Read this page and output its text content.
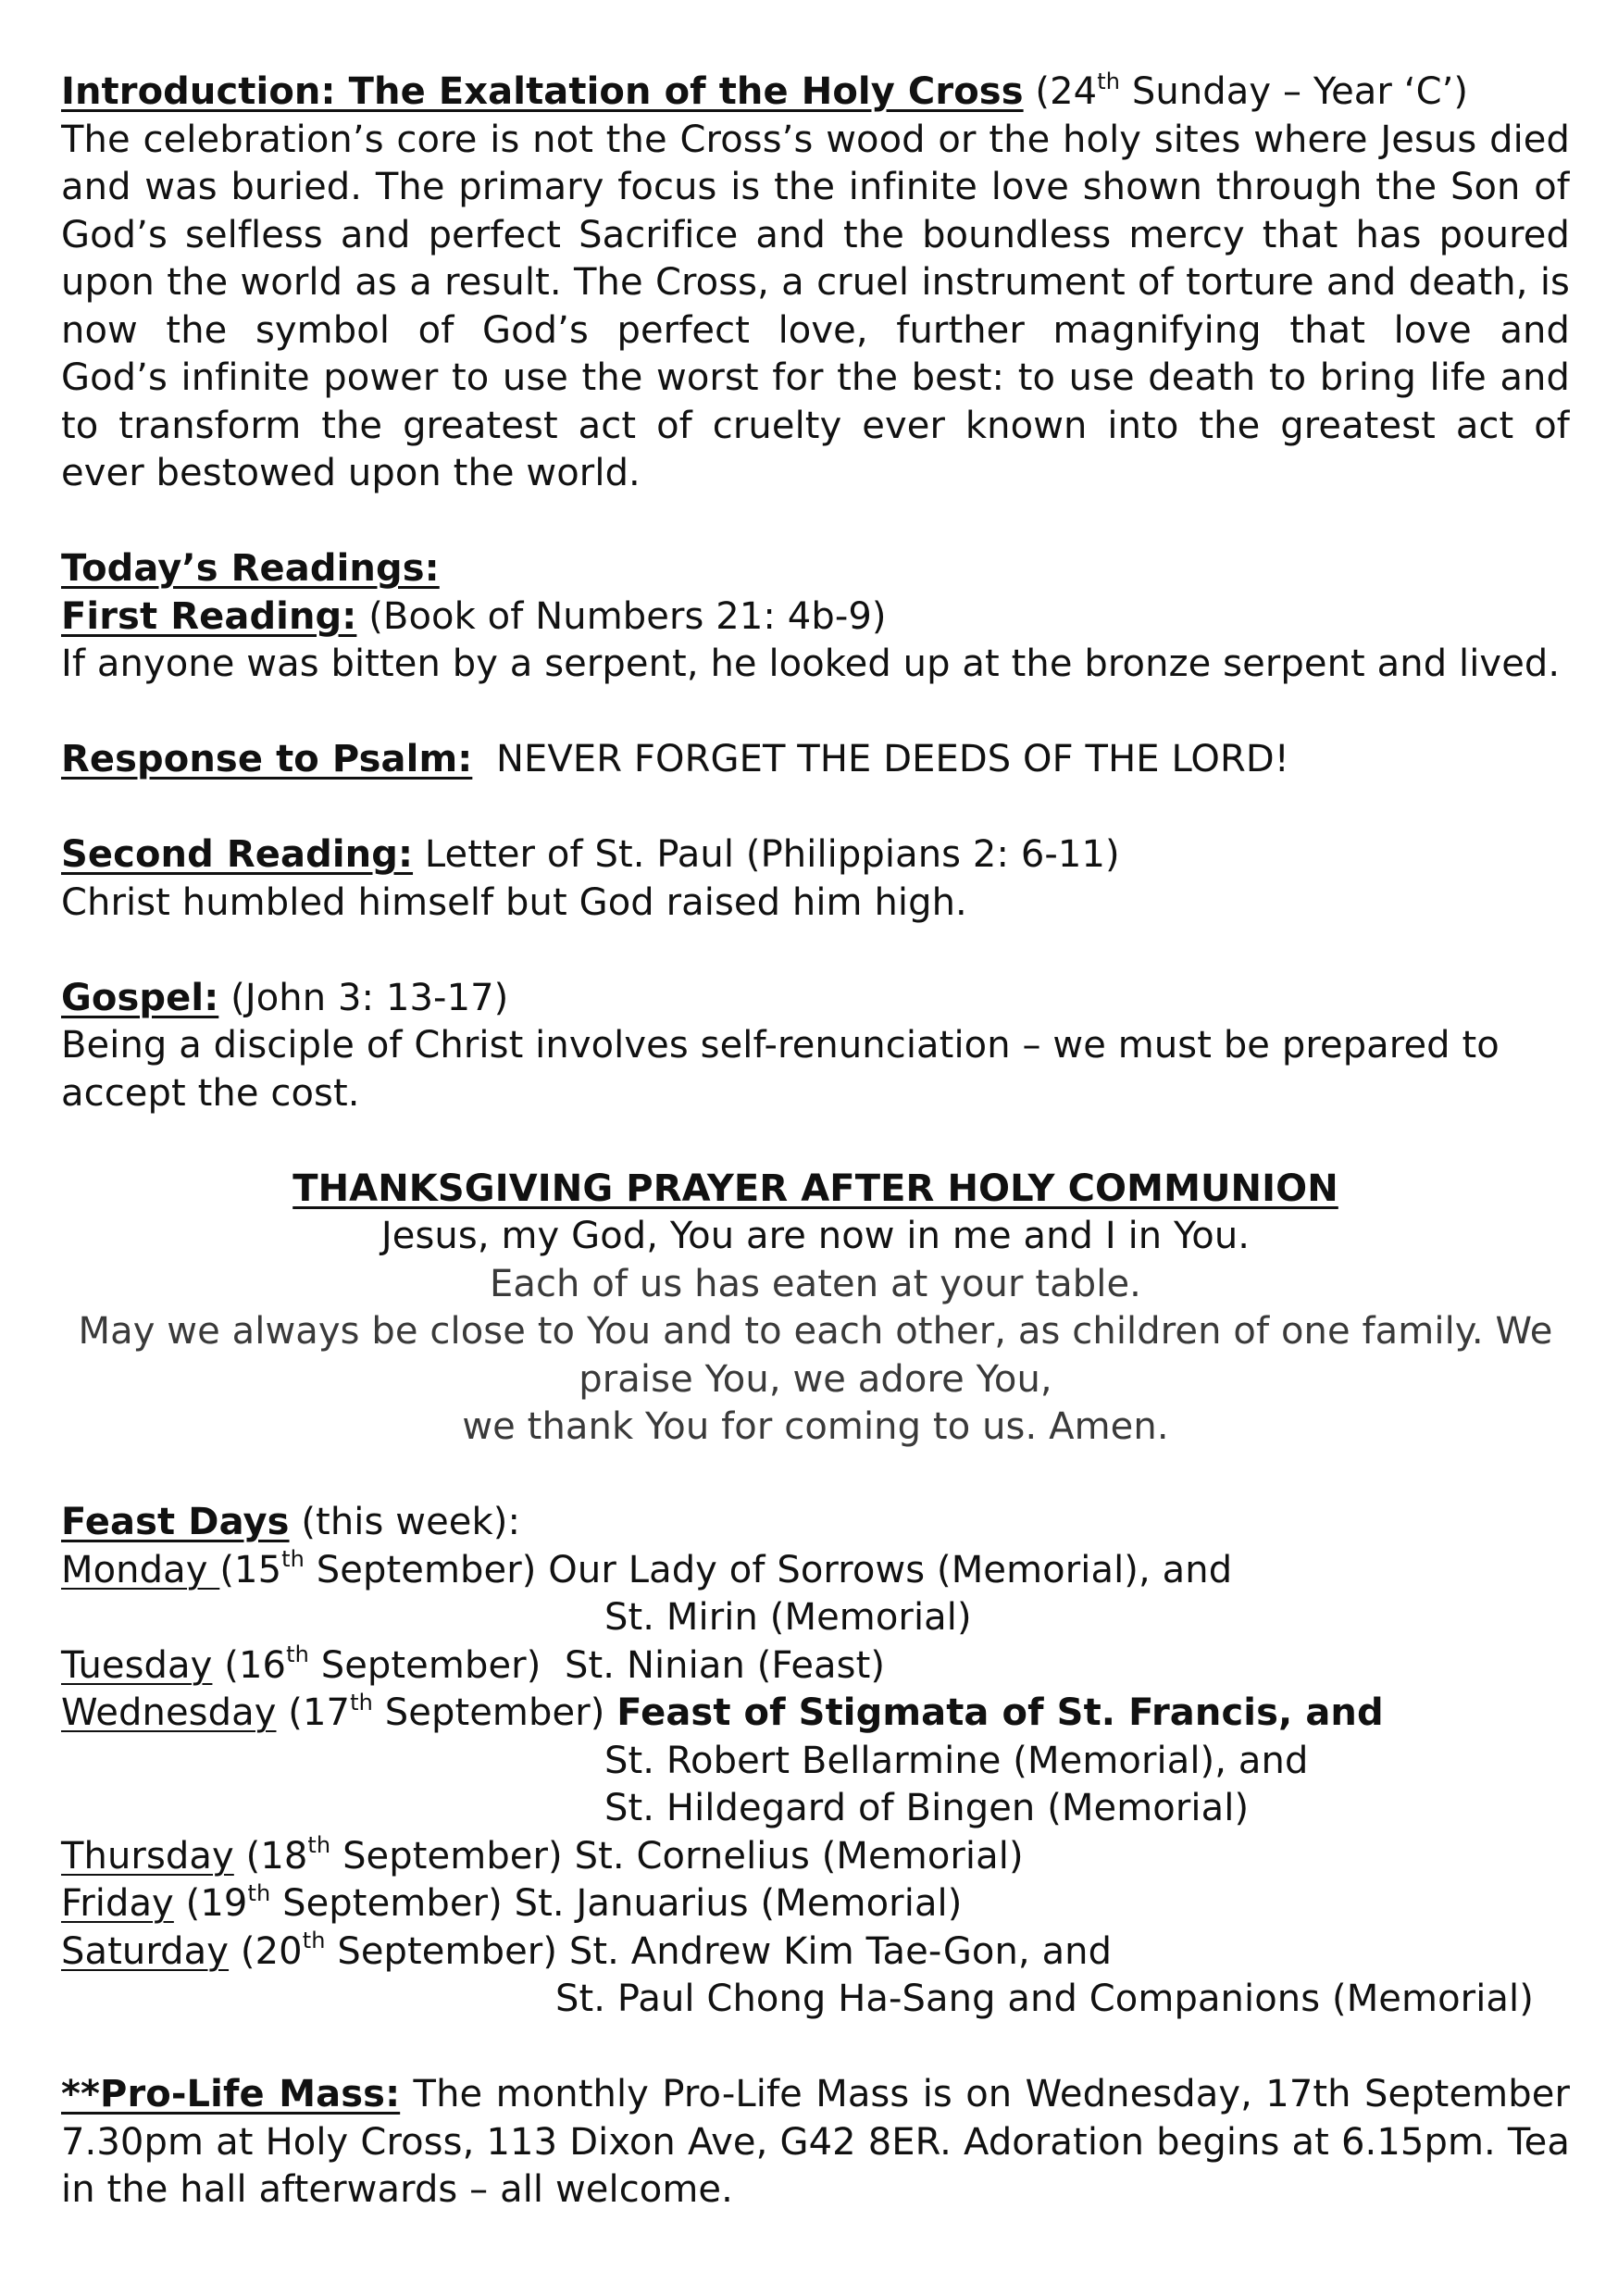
Introduction: The Exaltation of the Holy Cross (24th Sunday – Year ‘C’)
The celebration’s core is not the Cross’s wood or the holy sites where Jesus died
and was buried. The primary focus is the infinite love shown through the Son of
God’s selfless and perfect Sacrifice and the boundless mercy that has poured
upon the world as a result. The Cross, a cruel instrument of torture and death, is
now the symbol of God’s perfect love, further magnifying that love and
God’s infinite power to use the worst for the best: to use death to bring life and
to transform the greatest act of cruelty ever known into the greatest act of
ever bestowed upon the world.
Today’s Readings:
First Reading: (Book of Numbers 21: 4b-9)
If anyone was bitten by a serpent, he looked up at the bronze serpent and lived.
Response to Psalm:  NEVER FORGET THE DEEDS OF THE LORD!
Second Reading: Letter of St. Paul (Philippians 2: 6-11)
Christ humbled himself but God raised him high.
Gospel: (John 3: 13-17)
Being a disciple of Christ involves self-renunciation – we must be prepared to
accept the cost.
THANKSGIVING PRAYER AFTER HOLY COMMUNION
Jesus, my God, You are now in me and I in You.
Each of us has eaten at your table.
May we always be close to You and to each other, as children of one family. We
praise You, we adore You,
we thank You for coming to us. Amen.
Feast Days (this week):
Monday (15th September) Our Lady of Sorrows (Memorial), and
St. Mirin (Memorial)
Tuesday (16th September)  St. Ninian (Feast)
Wednesday (17th September) Feast of Stigmata of St. Francis, and
St. Robert Bellarmine (Memorial), and
St. Hildegard of Bingen (Memorial)
Thursday (18th September) St. Cornelius (Memorial)
Friday (19th September) St. Januarius (Memorial)
Saturday (20th September) St. Andrew Kim Tae-Gon, and
St. Paul Chong Ha-Sang and Companions (Memorial)
**Pro-Life Mass: The monthly Pro-Life Mass is on Wednesday, 17th September
7.30pm at Holy Cross, 113 Dixon Ave, G42 8ER. Adoration begins at 6.15pm. Tea
in the hall afterwards – all welcome.
